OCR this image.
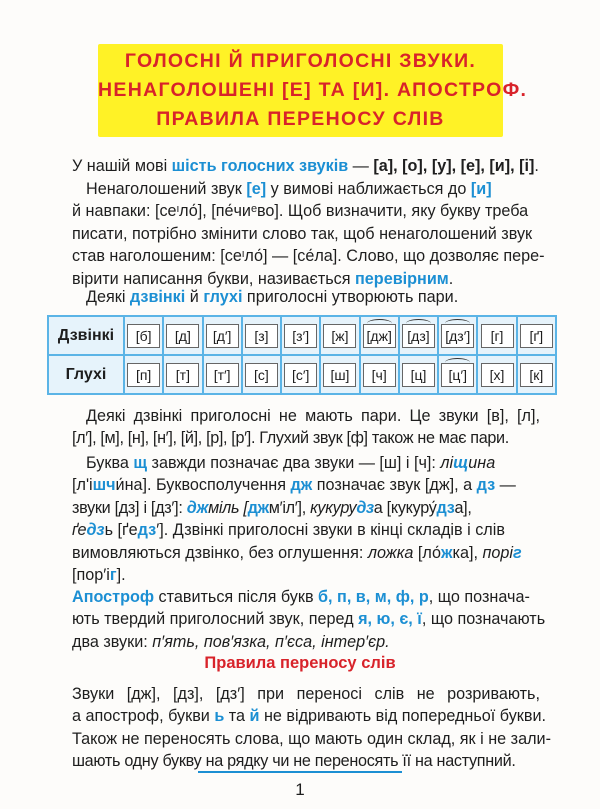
ГОЛОСНІ Й ПРИГОЛОСНІ ЗВУКИ.
НЕНАГОЛОШЕНІ [Е] ТА [И]. АПОСТРОФ.
ПРАВИЛА ПЕРЕНОСУ СЛІВ
У нашій мові шість голосних звуків — [а], [о], [у], [е], [и], [і].
Ненаголошений звук [е] у вимові наближається до [и]
й навпаки: [сеᶦло́], [пе́чиᵉво]. Щоб визначити, яку букву треба
писати, потрібно змінити слово так, щоб ненаголошений звук
став наголошеним: [сеᶦло́] — [се́ла]. Слово, що дозволяє пере-
вірити написання букви, називається перевірним.
Деякі дзвінкі й глухі приголосні утворюють пари.
Дзвінкі	[б]	[д]	[д′]	[з]	[з′]	[ж]	[дж]	[дз]	[дз′]	[г]	[ґ]
Глухі	[п]	[т]	[т′]	[с]	[с′]	[ш]	[ч]	[ц]	[ц′]	[х]	[к]
Деякі дзвінкі приголосні не мають пари. Це звуки [в], [л],
[л′], [м], [н], [н′], [й], [р], [р′]. Глухий звук [ф] також не має пари.
Буква щ завжди позначає два звуки — [ш] і [ч]: ліщина
[лʹішчи́на]. Буквосполучення дж позначає звук [дж], а дз —
звуки [дз] і [дз′]: джміль [джм′іл′], кукурудза [кукуру́дза],
ґедзь [ґедз′]. Дзвінкі приголосні звуки в кінці складів і слів
вимовляються дзвінко, без оглушення: ложка [ло́жка], поріг
[пор′іг].
Апостроф ставиться після букв б, п, в, м, ф, р, що познача-
ють твердий приголосний звук, перед я, ю, є, ї, що позначають
два звуки: п′ять, пов′язка, п′єса, інтер′єр.
Правила переносу слів
Звуки [дж], [дз], [дз′] при переносі слів не розривають,
а апостроф, букви ь та й не відривають від попередньої букви.
Також не переносять слова, що мають один склад, як і не зали-
шають одну букву на рядку чи не переносять її на наступний.
1
